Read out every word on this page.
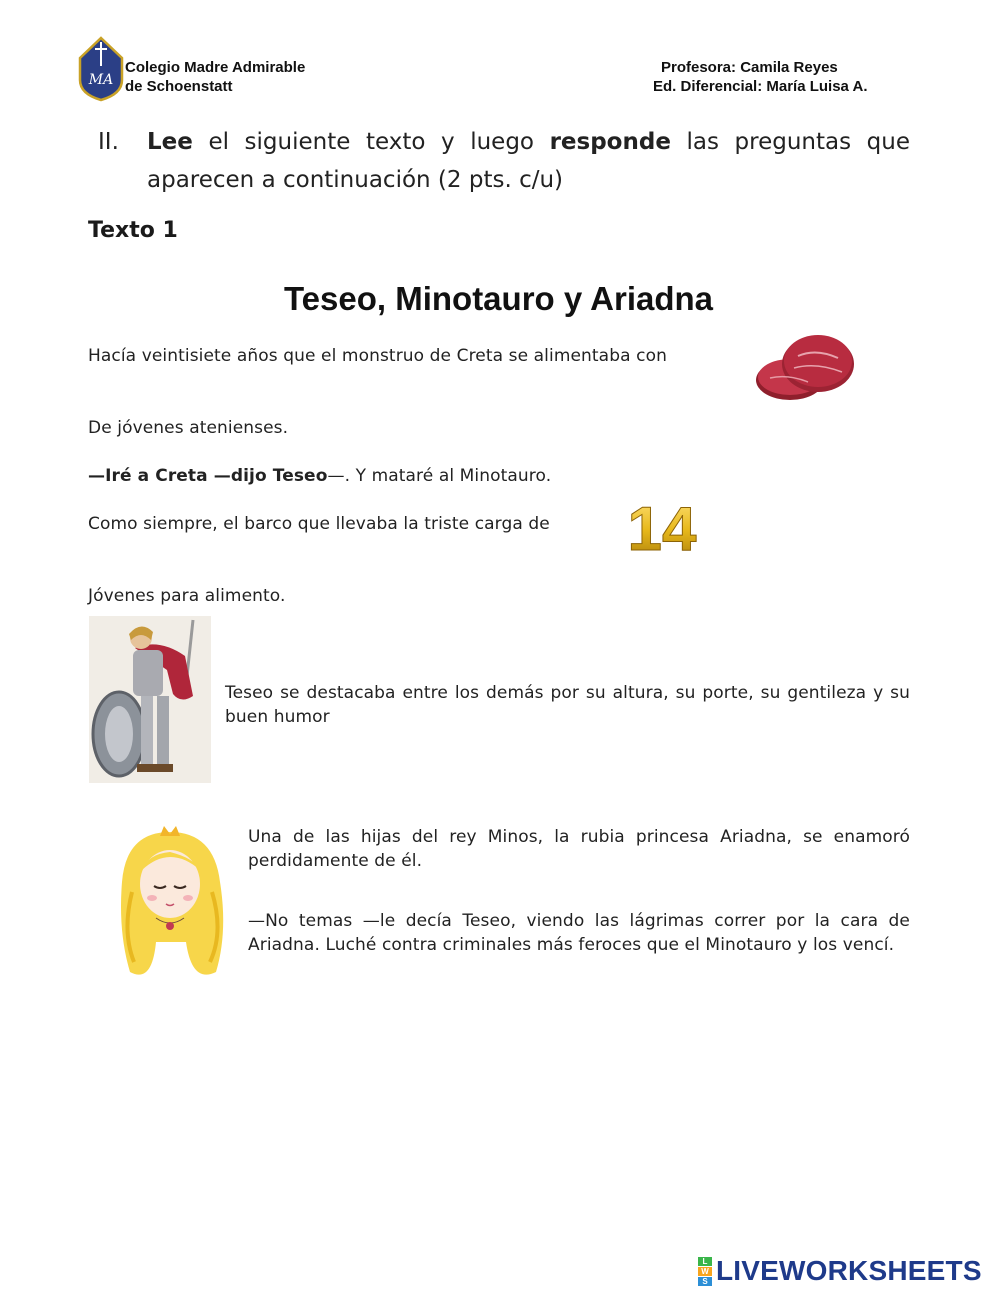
MA
Colegio Madre Admirable
de Schoenstatt
Profesora: Camila Reyes
Ed. Diferencial: María Luisa A.
II. Lee el siguiente texto y luego responde las preguntas que aparecen a continuación (2 pts. c/u)
Texto 1
Teseo, Minotauro y Ariadna
Hacía veintisiete años que el monstruo de Creta se alimentaba con
De jóvenes atenienses.
—Iré a Creta —dijo Teseo—. Y mataré al Minotauro.
Como siempre, el barco que llevaba la triste carga de 14
Jóvenes para alimento.
Teseo se destacaba entre los demás por su altura, su porte, su gentileza y su buen humor
Una de las hijas del rey Minos, la rubia princesa Ariadna, se enamoró perdidamente de él.
—No temas —le decía Teseo, viendo las lágrimas correr por la cara de Ariadna. Luché contra criminales más feroces que el Minotauro y los vencí.
L
W
S LIVEWORKSHEETS
